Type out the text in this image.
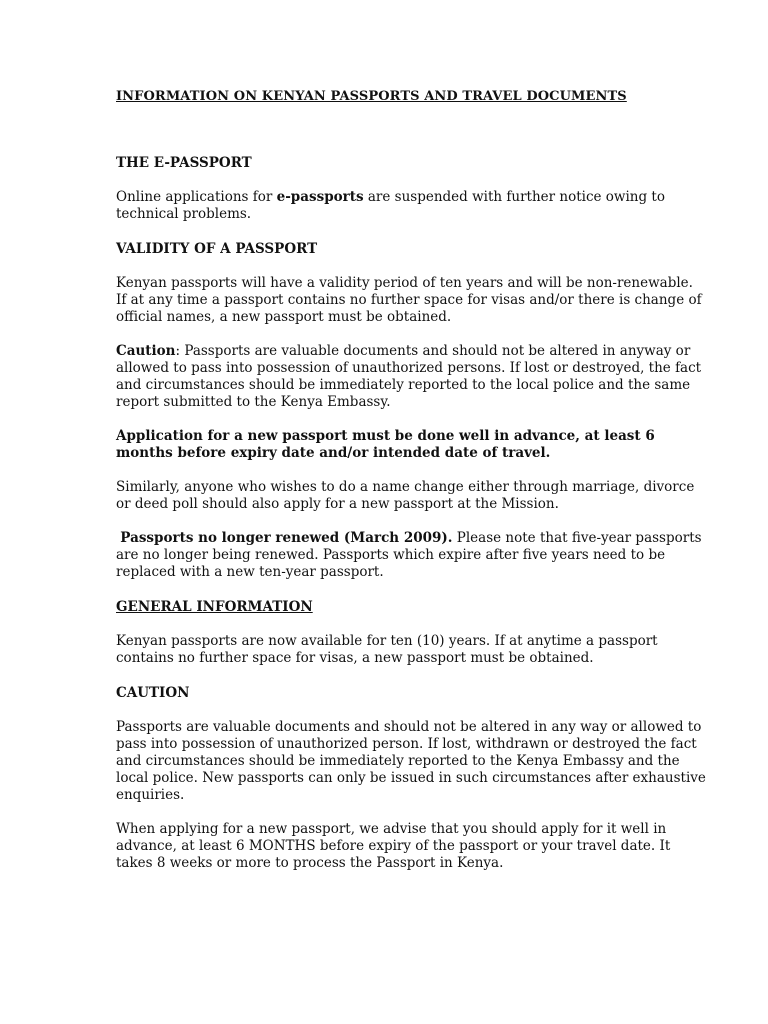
INFORMATION ON KENYAN PASSPORTS AND TRAVEL DOCUMENTS

THE E-PASSPORT

Online applications for e-passports are suspended with further notice owing to technical problems.

VALIDITY OF A PASSPORT

Kenyan passports will have a validity period of ten years and will be non-renewable. If at any time a passport contains no further space for visas and/or there is change of official names, a new passport must be obtained.

Caution: Passports are valuable documents and should not be altered in anyway or allowed to pass into possession of unauthorized persons. If lost or destroyed, the fact and circumstances should be immediately reported to the local police and the same report submitted to the Kenya Embassy.

Application for a new passport must be done well in advance, at least 6 months before expiry date and/or intended date of travel.

Similarly, anyone who wishes to do a name change either through marriage, divorce or deed poll should also apply for a new passport at the Mission.

Passports no longer renewed (March 2009). Please note that five-year passports are no longer being renewed. Passports which expire after five years need to be replaced with a new ten-year passport.

GENERAL INFORMATION

Kenyan passports are now available for ten (10) years. If at anytime a passport contains no further space for visas, a new passport must be obtained.

CAUTION

Passports are valuable documents and should not be altered in any way or allowed to pass into possession of unauthorized person. If lost, withdrawn or destroyed the fact and circumstances should be immediately reported to the Kenya Embassy and the local police. New passports can only be issued in such circumstances after exhaustive enquiries.

When applying for a new passport, we advise that you should apply for it well in advance, at least 6 MONTHS before expiry of the passport or your travel date. It takes 8 weeks or more to process the Passport in Kenya.
